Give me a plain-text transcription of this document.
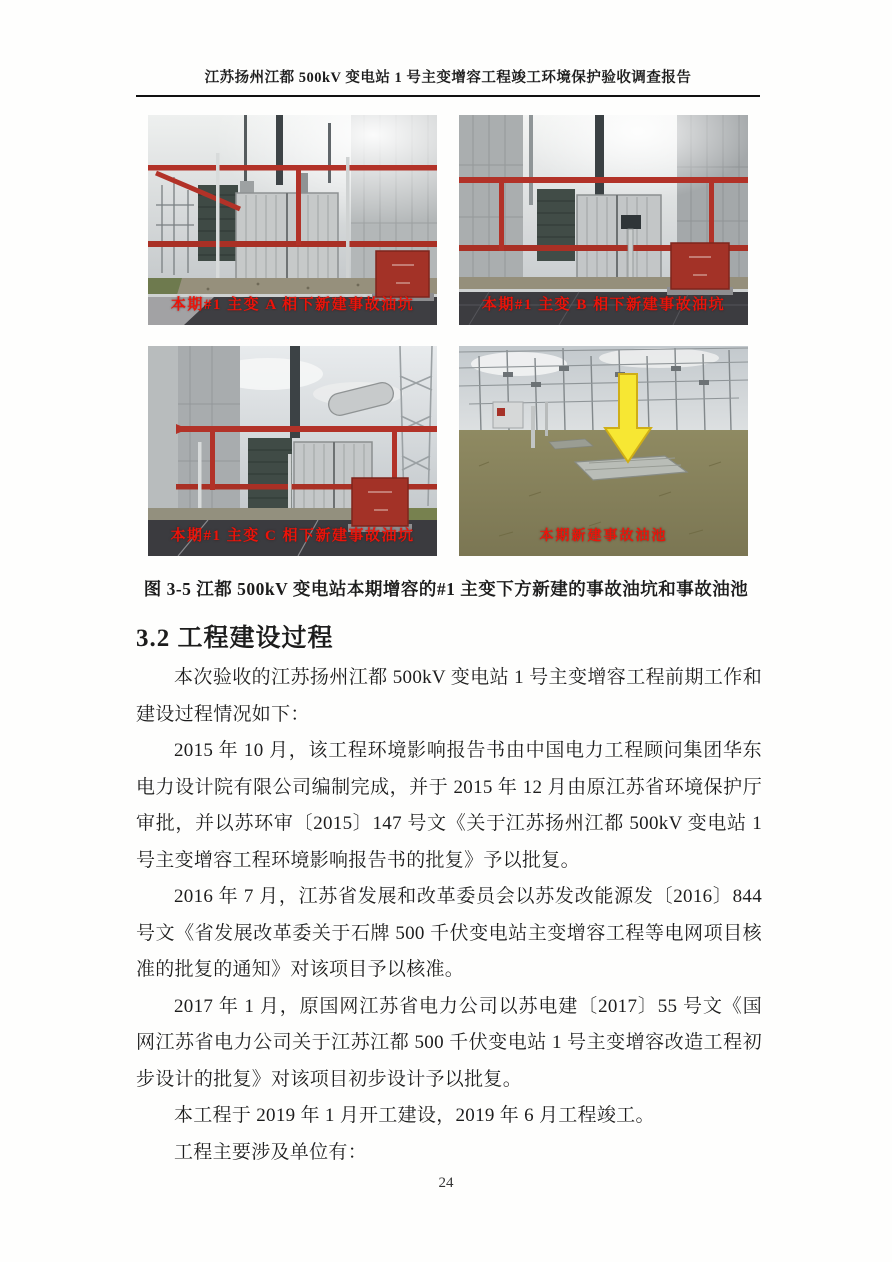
江苏扬州江都 500kV 变电站 1 号主变增容工程竣工环境保护验收调查报告
本期#1 主变 A 相下新建事故油坑	本期#1 主变 B 相下新建事故油坑
本期#1 主变 C 相下新建事故油坑	本期新建事故油池
图 3-5 江都 500kV 变电站本期增容的#1 主变下方新建的事故油坑和事故油池
3.2 工程建设过程

本次验收的江苏扬州江都 500kV 变电站 1 号主变增容工程前期工作和建设过程情况如下：

2015 年 10 月，该工程环境影响报告书由中国电力工程顾问集团华东电力设计院有限公司编制完成，并于 2015 年 12 月由原江苏省环境保护厅审批，并以苏环审〔2015〕147 号文《关于江苏扬州江都 500kV 变电站 1 号主变增容工程环境影响报告书的批复》予以批复。

2016 年 7 月，江苏省发展和改革委员会以苏发改能源发〔2016〕844 号文《省发展改革委关于石牌 500 千伏变电站主变增容工程等电网项目核准的批复的通知》对该项目予以核准。

2017 年 1 月，原国网江苏省电力公司以苏电建〔2017〕55 号文《国网江苏省电力公司关于江苏江都 500 千伏变电站 1 号主变增容改造工程初步设计的批复》对该项目初步设计予以批复。

本工程于 2019 年 1 月开工建设，2019 年 6 月工程竣工。

工程主要涉及单位有：

24
